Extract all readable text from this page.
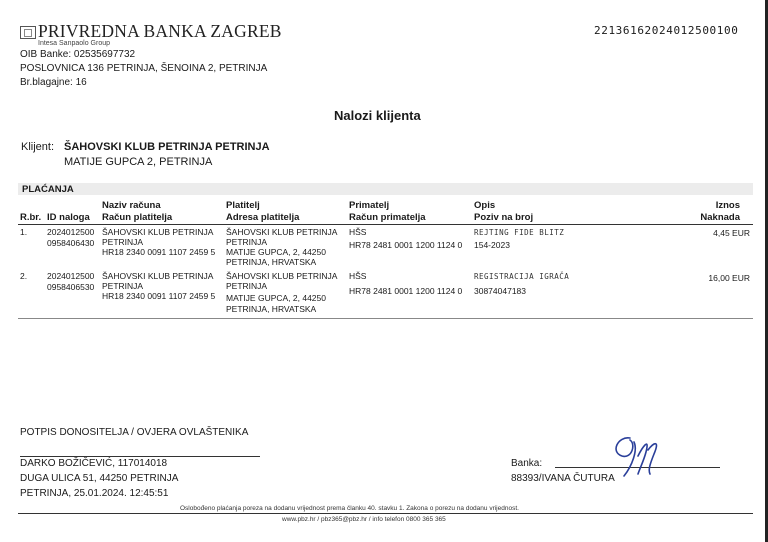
PRIVREDNA BANKA ZAGREB
Intesa Sanpaolo Group
OIB Banke: 02535697732
POSLOVNICA 136 PETRINJA, ŠENOINA 2, PETRINJA
Br.blagajne: 16
22136162024012500100
Nalozi klijenta
Klijent: ŠAHOVSKI KLUB PETRINJA PETRINJA
MATIJE GUPCA 2, PETRINJA
PLAĆANJA
R.br. ID naloga
Naziv računa
Račun platitelja
Platitelj
Adresa platitelja
Primatelj
Račun primatelja
Opis
Poziv na broj
Iznos
Naknada
1. 2024012500
0958406430
ŠAHOVSKI KLUB PETRINJA
PETRINJA
HR18 2340 0091 1107 2459 5
ŠAHOVSKI KLUB PETRINJA
PETRINJA
MATIJE GUPCA, 2, 44250
PETRINJA, HRVATSKA
HŠS
HR78 2481 0001 1200 1124 0
REJTING FIDE BLITZ
154-2023
4,45 EUR
2. 2024012500
0958406530
ŠAHOVSKI KLUB PETRINJA
PETRINJA
HR18 2340 0091 1107 2459 5
ŠAHOVSKI KLUB PETRINJA
PETRINJA
MATIJE GUPCA, 2, 44250
PETRINJA, HRVATSKA
HŠS
HR78 2481 0001 1200 1124 0
REGISTRACIJA IGRAČA
30874047183
16,00 EUR
POTPIS DONOSITELJA / OVJERA OVLAŠTENIKA
DARKO BOŽIČEVIĆ, 117014018
DUGA ULICA 51, 44250 PETRINJA
PETRINJA, 25.01.2024. 12:45:51
Banka:
88393/IVANA ČUTURA
Oslobođeno plaćanja poreza na dodanu vrijednost prema članku 40. stavku 1. Zakona o porezu na dodanu vrijednost.
www.pbz.hr / pbz365@pbz.hr / info telefon 0800 365 365
